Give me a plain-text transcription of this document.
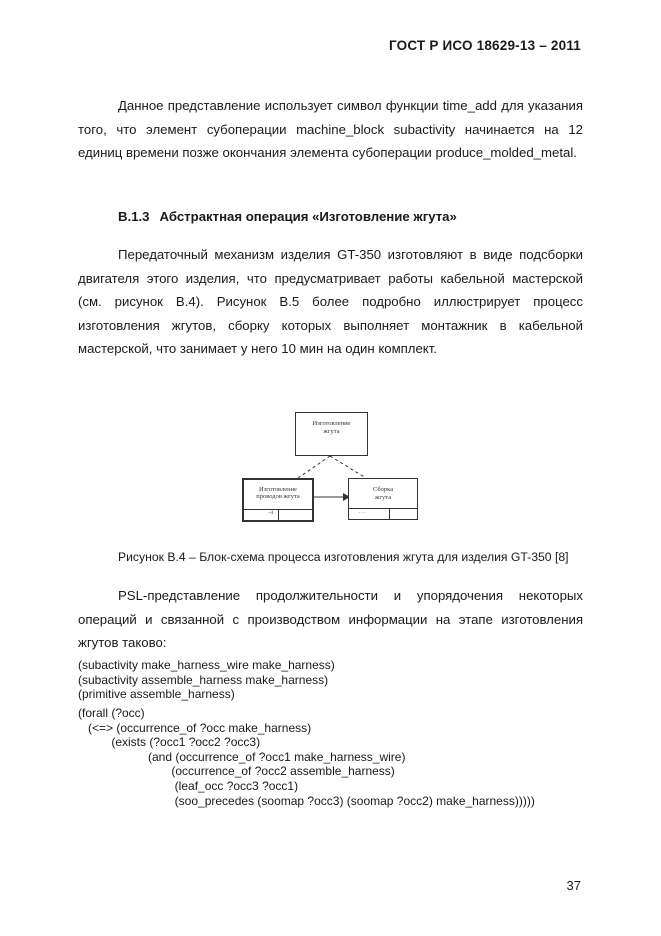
ГОСТ Р ИСО 18629-13 – 2011

Данное представление использует символ функции time_add для указания того, что элемент субоперации machine_block subactivity начинается на 12 единиц времени позже окончания элемента субоперации produce_molded_metal.

В.1.3 Абстрактная операция «Изготовление жгута»

Передаточный механизм изделия GT-350 изготовляют в виде подсборки двигателя этого изделия, что предусматривает работы кабельной мастерской (см. рисунок В.4). Рисунок В.5 более подробно иллюстрирует процесс изготовления жгутов, сборку которых выполняет монтажник в кабельной мастерской, что занимает у него 10 мин на один комплект.

Изготовление
жгута
Изготовление
проводов жгута
~4
Сборка
жгута
. . .
Рисунок В.4 – Блок-схема процесса изготовления жгута для изделия GT-350 [8]

PSL-представление продолжительности и упорядочения некоторых операций и связанной с производством информации на этапе изготовления жгутов таково:

(subactivity make_harness_wire make_harness)
(subactivity assemble_harness make_harness)
(primitive assemble_harness)
(forall (?occ)
(<=> (occurrence_of ?occ make_harness)
(exists (?occ1 ?occ2 ?occ3)
(and (occurrence_of ?occ1 make_harness_wire)
(occurrence_of ?occ2 assemble_harness)
(leaf_occ ?occ3 ?occ1)
(soo_precedes (soomap ?occ3) (soomap ?occ2) make_harness)))))
37
